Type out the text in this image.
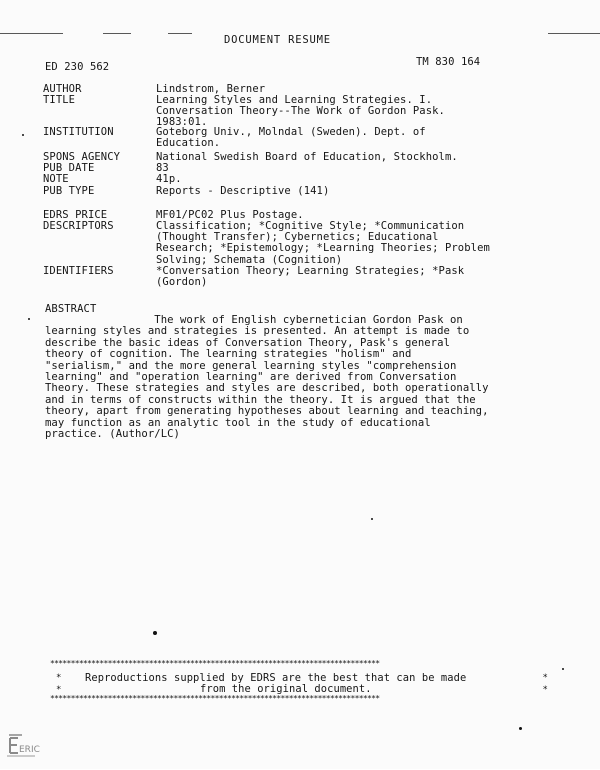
DOCUMENT RESUME
ED 230 562	TM 830 164

AUTHOR

	Lindstrom, Berner

TITLE

	Learning Styles and Learning Strategies. I.
Conversation Theory--The Work of Gordon Pask.
1983:01.

INSTITUTION

	Goteborg Univ., Molndal (Sweden). Dept. of
Education.

SPONS AGENCY

	National Swedish Board of Education, Stockholm.

PUB DATE

	83

NOTE

	41p.

PUB TYPE

	Reports - Descriptive (141)

EDRS PRICE

	MF01/PC02 Plus Postage.

DESCRIPTORS

	Classification; *Cognitive Style; *Communication
(Thought Transfer); Cybernetics; Educational
Research; *Epistemology; *Learning Theories; Problem
Solving; Schemata (Cognition)

IDENTIFIERS

	*Conversation Theory; Learning Strategies; *Pask
(Gordon)

ABSTRACT
The work of English cybernetician Gordon Pask on
learning styles and strategies is presented. An attempt is made to
describe the basic ideas of Conversation Theory, Pask's general
theory of cognition. The learning strategies "holism" and
"serialism," and the more general learning styles "comprehension
learning" and "operation learning" are derived from Conversation
Theory. These strategies and styles are described, both operationally
and in terms of constructs within the theory. It is argued that the
theory, apart from generating hypotheses about learning and teaching,
may function as an analytic tool in the study of educational
practice. (Author/LC)

********************************************************************************

*

*

Reproductions supplied by EDRS are the best that can be made

from the original document.

*

*

********************************************************************************

ERIC
